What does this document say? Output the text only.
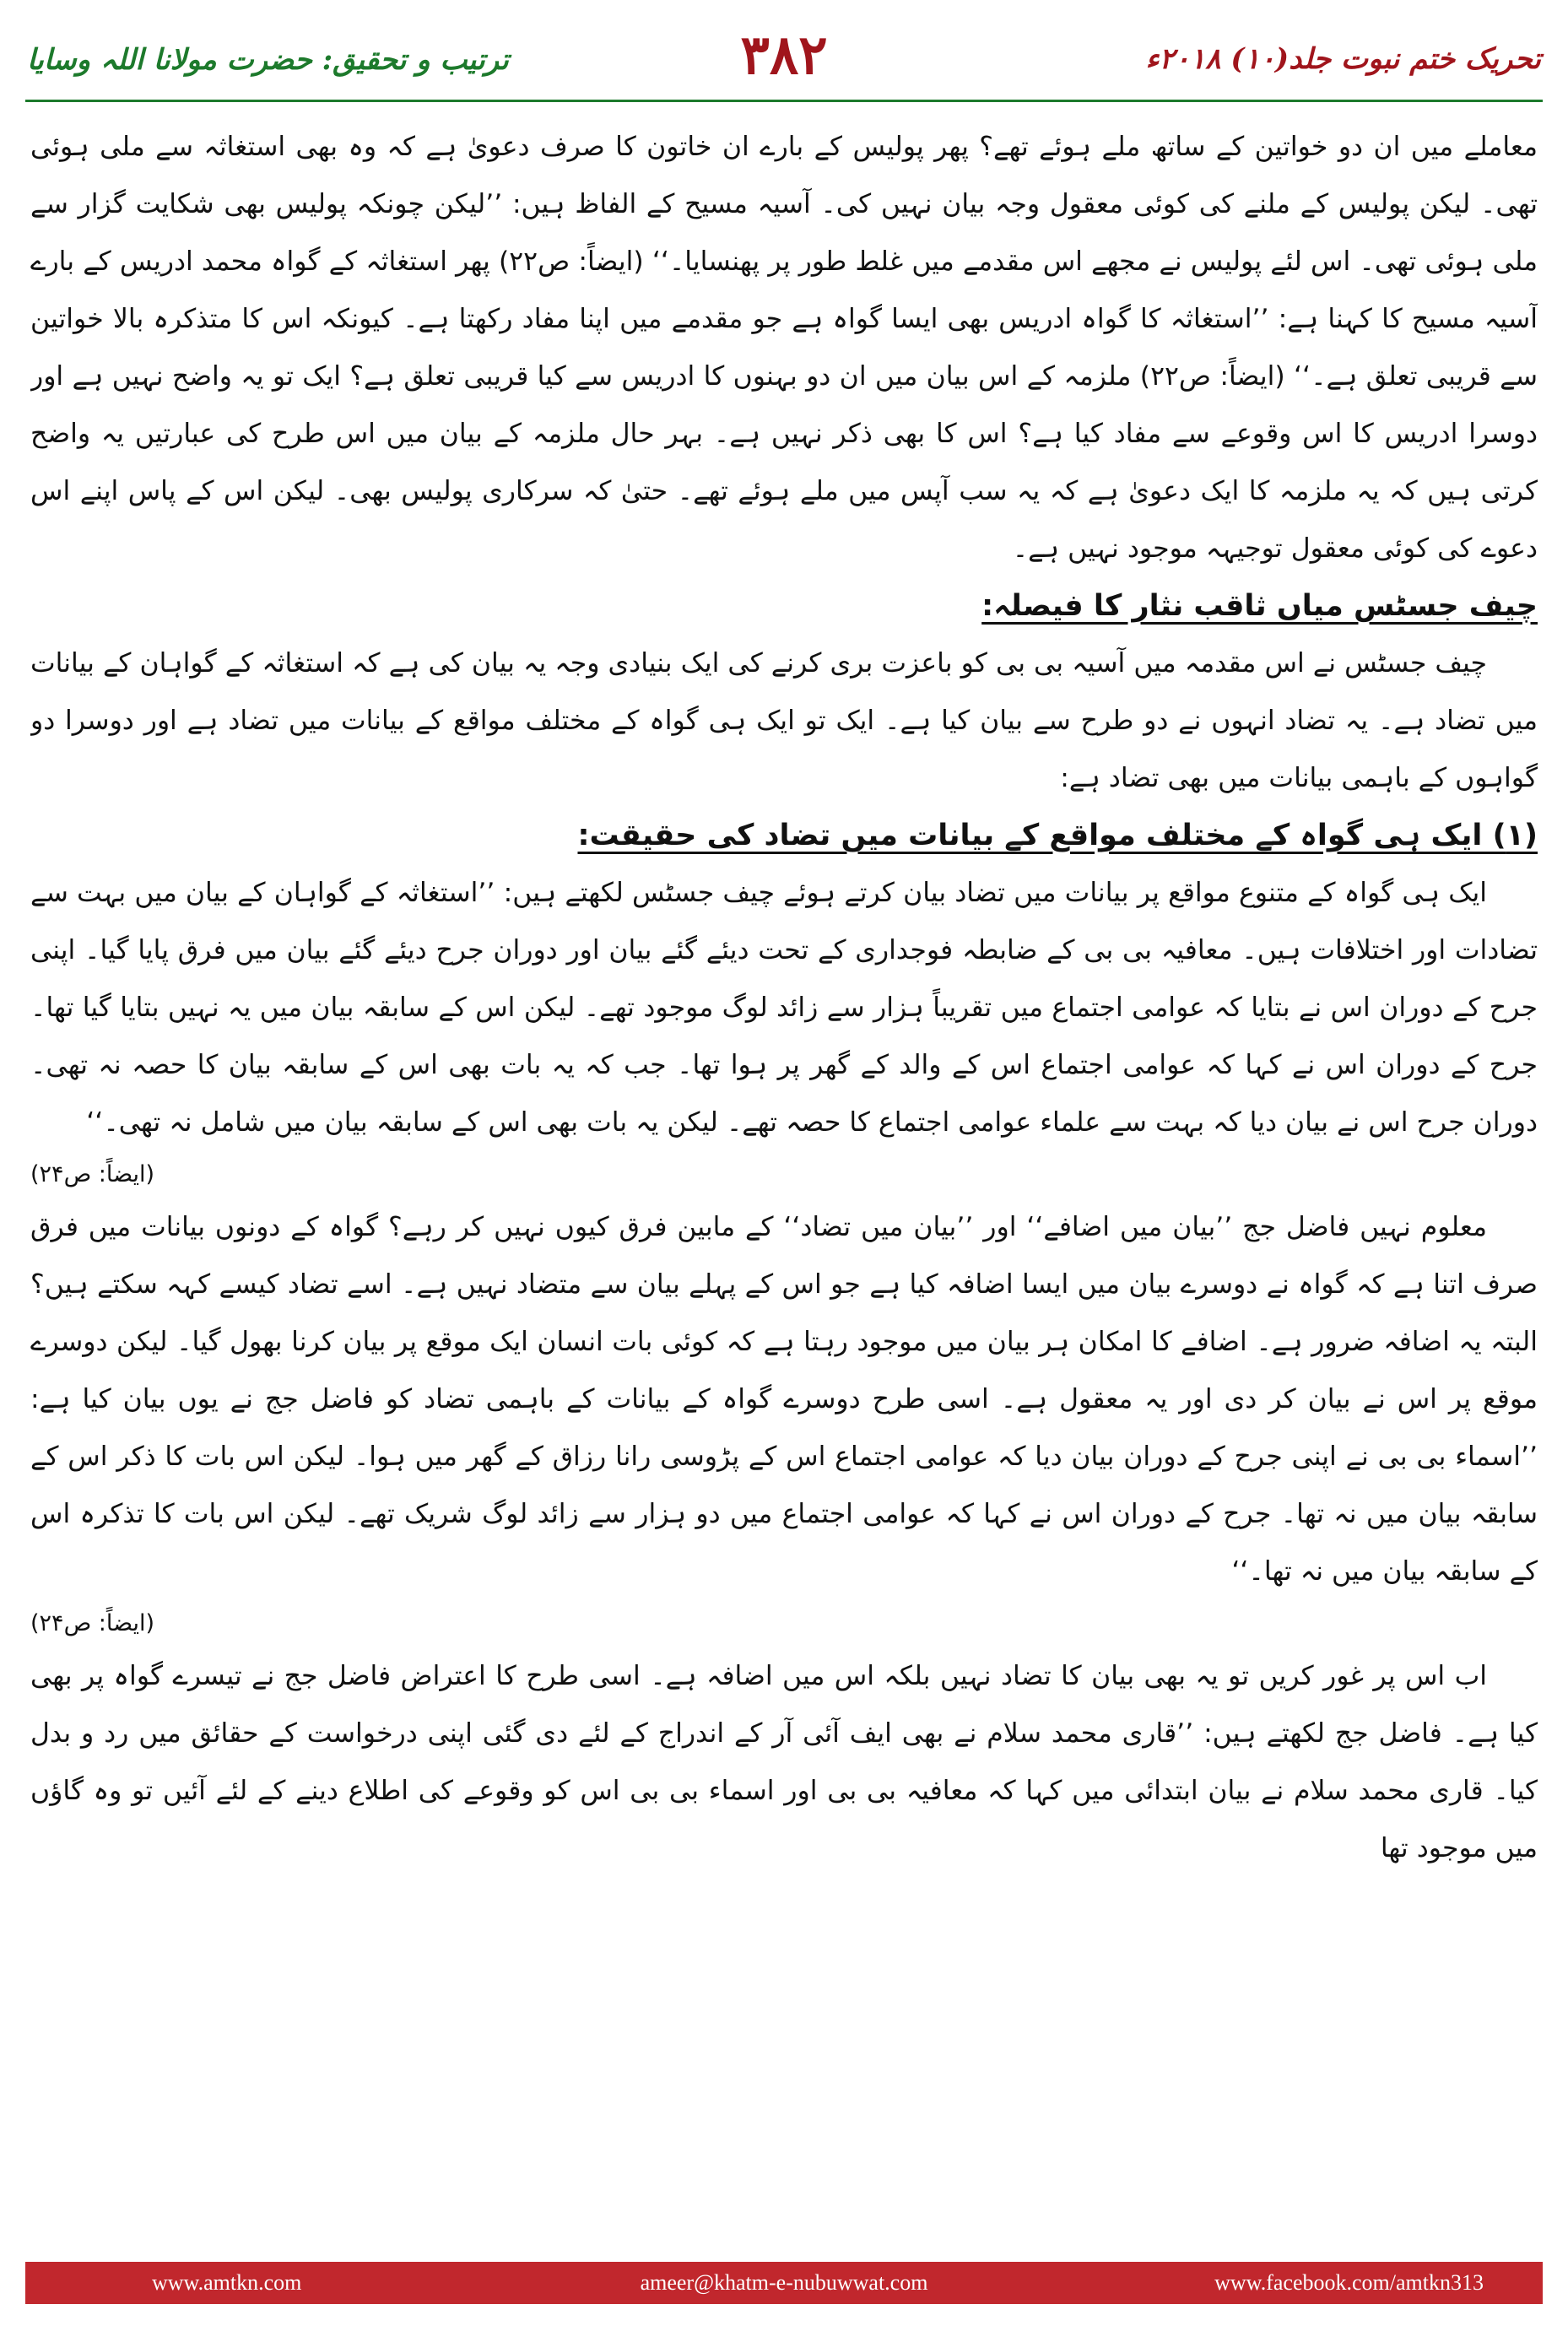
ترتیب و تحقیق: حضرت مولانا اللہ وسایا	۳۸۲	تحریک ختم نبوت جلد(۱۰) ۲۰۱۸ء

معاملے میں ان دو خواتین کے ساتھ ملے ہوئے تھے؟ پھر پولیس کے بارے ان خاتون کا صرف دعویٰ ہے کہ وہ بھی استغاثہ سے ملی ہوئی تھی۔ لیکن پولیس کے ملنے کی کوئی معقول وجہ بیان نہیں کی۔ آسیہ مسیح کے الفاظ ہیں: ’’لیکن چونکہ پولیس بھی شکایت گزار سے ملی ہوئی تھی۔ اس لئے پولیس نے مجھے اس مقدمے میں غلط طور پر پھنسایا۔‘‘ (ایضاً: ص۲۲) پھر استغاثہ کے گواہ محمد ادریس کے بارے آسیہ مسیح کا کہنا ہے: ’’استغاثہ کا گواہ ادریس بھی ایسا گواہ ہے جو مقدمے میں اپنا مفاد رکھتا ہے۔ کیونکہ اس کا متذکرہ بالا خواتین سے قریبی تعلق ہے۔‘‘ (ایضاً: ص۲۲) ملزمہ کے اس بیان میں ان دو بہنوں کا ادریس سے کیا قریبی تعلق ہے؟ ایک تو یہ واضح نہیں ہے اور دوسرا ادریس کا اس وقوعے سے مفاد کیا ہے؟ اس کا بھی ذکر نہیں ہے۔ بہر حال ملزمہ کے بیان میں اس طرح کی عبارتیں یہ واضح کرتی ہیں کہ یہ ملزمہ کا ایک دعویٰ ہے کہ یہ سب آپس میں ملے ہوئے تھے۔ حتیٰ کہ سرکاری پولیس بھی۔ لیکن اس کے پاس اپنے اس دعوے کی کوئی معقول توجیہہ موجود نہیں ہے۔

چیف جسٹس میاں ثاقب نثار کا فیصلہ:

چیف جسٹس نے اس مقدمہ میں آسیہ بی بی کو باعزت بری کرنے کی ایک بنیادی وجہ یہ بیان کی ہے کہ استغاثہ کے گواہان کے بیانات میں تضاد ہے۔ یہ تضاد انہوں نے دو طرح سے بیان کیا ہے۔ ایک تو ایک ہی گواہ کے مختلف مواقع کے بیانات میں تضاد ہے اور دوسرا دو گواہوں کے باہمی بیانات میں بھی تضاد ہے:

(۱) ایک ہی گواہ کے مختلف مواقع کے بیانات میں تضاد کی حقیقت:

ایک ہی گواہ کے متنوع مواقع پر بیانات میں تضاد بیان کرتے ہوئے چیف جسٹس لکھتے ہیں: ’’استغاثہ کے گواہان کے بیان میں بہت سے تضادات اور اختلافات ہیں۔ معافیہ بی بی کے ضابطہ فوجداری کے تحت دیئے گئے بیان اور دوران جرح دیئے گئے بیان میں فرق پایا گیا۔ اپنی جرح کے دوران اس نے بتایا کہ عوامی اجتماع میں تقریباً ہزار سے زائد لوگ موجود تھے۔ لیکن اس کے سابقہ بیان میں یہ نہیں بتایا گیا تھا۔ جرح کے دوران اس نے کہا کہ عوامی اجتماع اس کے والد کے گھر پر ہوا تھا۔ جب کہ یہ بات بھی اس کے سابقہ بیان کا حصہ نہ تھی۔ دوران جرح اس نے بیان دیا کہ بہت سے علماء عوامی اجتماع کا حصہ تھے۔ لیکن یہ بات بھی اس کے سابقہ بیان میں شامل نہ تھی۔‘‘

(ایضاً: ص۲۴)

معلوم نہیں فاضل جج ’’بیان میں اضافے‘‘ اور ’’بیان میں تضاد‘‘ کے مابین فرق کیوں نہیں کر رہے؟ گواہ کے دونوں بیانات میں فرق صرف اتنا ہے کہ گواہ نے دوسرے بیان میں ایسا اضافہ کیا ہے جو اس کے پہلے بیان سے متضاد نہیں ہے۔ اسے تضاد کیسے کہہ سکتے ہیں؟ البتہ یہ اضافہ ضرور ہے۔ اضافے کا امکان ہر بیان میں موجود رہتا ہے کہ کوئی بات انسان ایک موقع پر بیان کرنا بھول گیا۔ لیکن دوسرے موقع پر اس نے بیان کر دی اور یہ معقول ہے۔ اسی طرح دوسرے گواہ کے بیانات کے باہمی تضاد کو فاضل جج نے یوں بیان کیا ہے: ’’اسماء بی بی نے اپنی جرح کے دوران بیان دیا کہ عوامی اجتماع اس کے پڑوسی رانا رزاق کے گھر میں ہوا۔ لیکن اس بات کا ذکر اس کے سابقہ بیان میں نہ تھا۔ جرح کے دوران اس نے کہا کہ عوامی اجتماع میں دو ہزار سے زائد لوگ شریک تھے۔ لیکن اس بات کا تذکرہ اس کے سابقہ بیان میں نہ تھا۔‘‘

(ایضاً: ص۲۴)

اب اس پر غور کریں تو یہ بھی بیان کا تضاد نہیں بلکہ اس میں اضافہ ہے۔ اسی طرح کا اعتراض فاضل جج نے تیسرے گواہ پر بھی کیا ہے۔ فاضل جج لکھتے ہیں: ’’قاری محمد سلام نے بھی ایف آئی آر کے اندراج کے لئے دی گئی اپنی درخواست کے حقائق میں رد و بدل کیا۔ قاری محمد سلام نے بیان ابتدائی میں کہا کہ معافیہ بی بی اور اسماء بی بی اس کو وقوعے کی اطلاع دینے کے لئے آئیں تو وہ گاؤں میں موجود تھا

www.amtkn.com	ameer@khatm-e-nubuwwat.com	www.facebook.com/amtkn313
